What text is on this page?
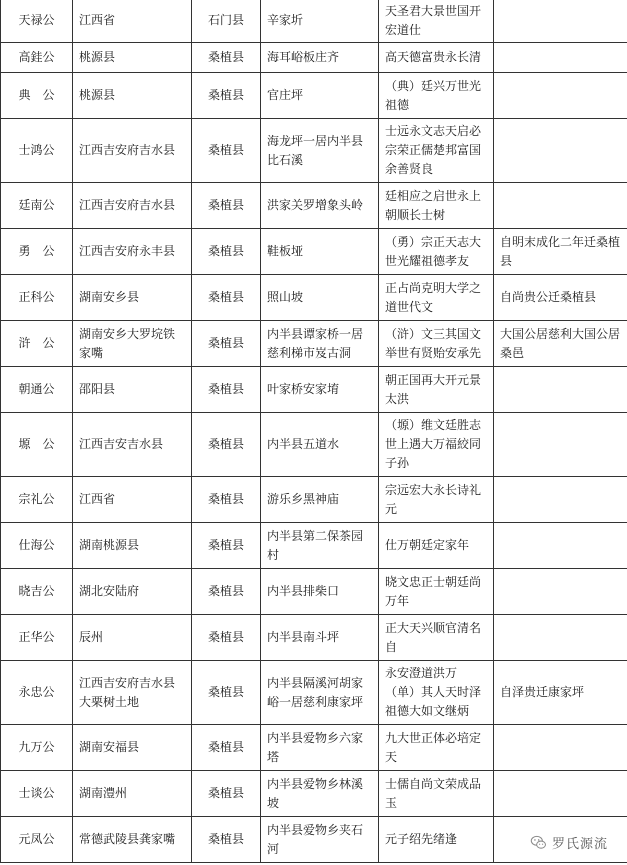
天禄公	江西省	石门县	辛家圻	天圣君大景世国开宏道仕	
高銈公	桃源县	桑植县	海耳峪板庄齐	高天德富贵永长清	
典　公	桃源县	桑植县	官庄坪	（典）廷兴万世光祖德	
士鸿公	江西吉安府吉水县	桑植县	海龙坪一居内半县比石溪	士远永文志天启必宗荣正儒楚邦富国余善贤良	
廷南公	江西吉安府吉水县	桑植县	洪家关罗增象头岭	廷相应之启世永上朝顺长士树	
勇　公	江西吉安府永丰县	桑植县	鞋板垭	（勇）宗正天志大世光耀祖德孝友	自明末成化二年迁桑植县
正科公	湖南安乡县	桑植县	照山坡	正占尚克明大学之道世代文	自尚贵公迁桑植县
浒　公	湖南安乡大罗垸铁家嘴	桑植县	内半县谭家桥一居慈利梯市岌古洞	（浒）文三其国文举世有贤贻安承先	大国公居慈利大国公居桑邑
朝通公	邵阳县	桑植县	叶家桥安家堉	朝正国再大开元景太洪	
塬　公	江西吉安吉水县	桑植县	内半县五道水	（塬）维文廷胜志世上遇大万福絞同子孙	
宗礼公	江西省	桑植县	游乐乡黑神庙	宗远宏大永长诗礼元	
仕海公	湖南桃源县	桑植县	内半县第二保茶园村	仕万朝廷定家年	
晓吉公	湖北安陆府	桑植县	内半县排柴口	晓文忠正士朝廷尚万年	
正华公	辰州	桑植县	内半县南斗坪	正大天兴顺官清名自	
永忠公	江西吉安府吉水县大栗树土地	桑植县	内半县隔溪河胡家峪一居慈利康家坪	永安澄道洪万（单）其人天时泽祖德大如文继炳	自泽贵迁康家坪
九万公	湖南安福县	桑植县	内半县爱物乡六家塔	九大世正体必培定天	
士谈公	湖南澧州	桑植县	内半县爱物乡林溪坡	士儒自尚文荣成品玉	
元凤公	常德武陵县龚家嘴	桑植县	内半县爱物乡夹石河	元子绍先绪逢		罗氏源流
